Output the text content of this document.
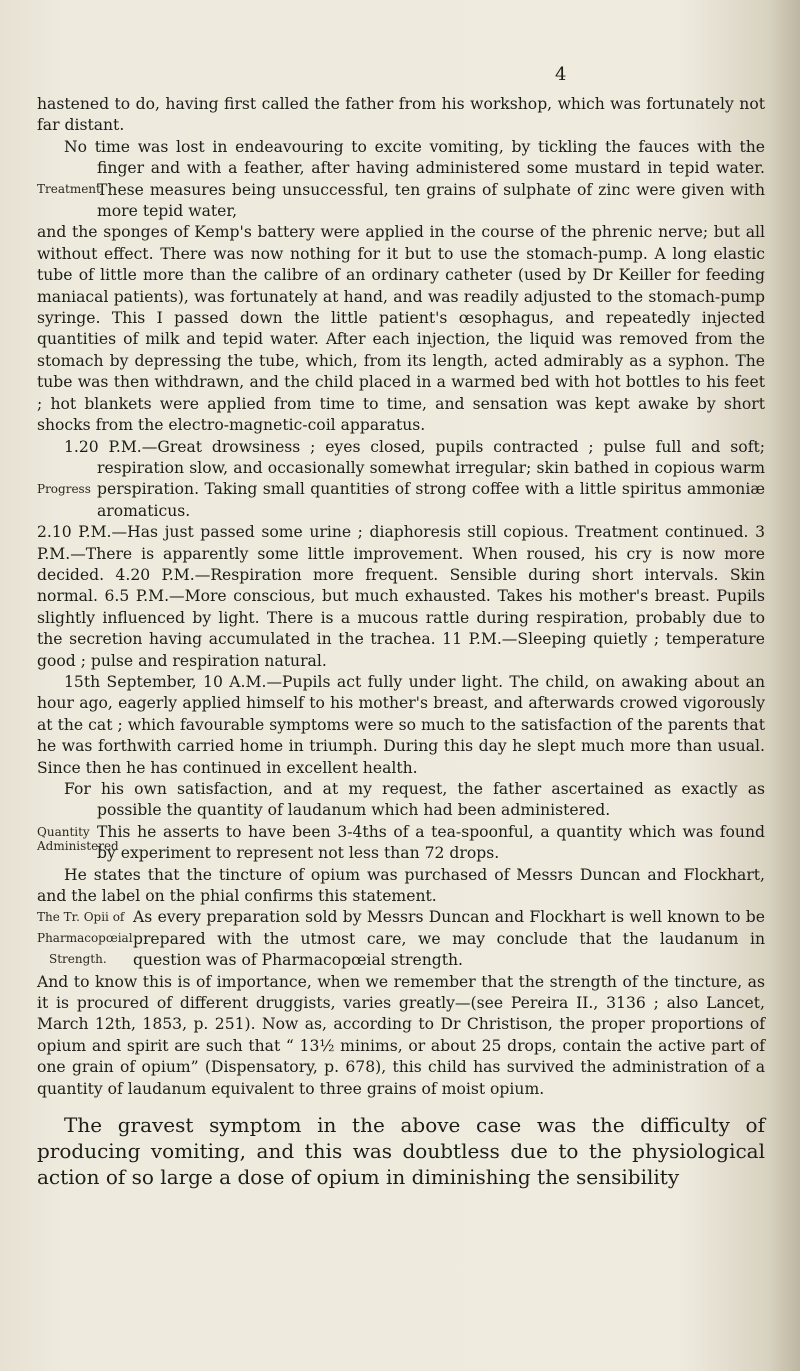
4

hastened to do, having first called the father from his workshop, which was fortunately not far distant.

Treatment

No time was lost in endeavouring to excite vomiting, by tickling the fauces with the finger and with a feather, after having administered some mustard in tepid water. These measures being unsuccessful, ten grains of sulphate of zinc were given with more tepid water,

and the sponges of Kemp's battery were applied in the course of the phrenic nerve; but all without effect. There was now nothing for it but to use the stomach-pump. A long elastic tube of little more than the calibre of an ordinary catheter (used by Dr Keiller for feeding maniacal patients), was fortunately at hand, and was readily adjusted to the stomach-pump syringe. This I passed down the little patient's œsophagus, and repeatedly injected quantities of milk and tepid water. After each injection, the liquid was removed from the stomach by depressing the tube, which, from its length, acted admirably as a syphon. The tube was then withdrawn, and the child placed in a warmed bed with hot bottles to his feet ; hot blankets were applied from time to time, and sensation was kept awake by short shocks from the electro-magnetic-coil apparatus.

Progress

1.20 P.M.—Great drowsiness ; eyes closed, pupils contracted ; pulse full and soft; respiration slow, and occasionally somewhat irregular; skin bathed in copious warm perspiration. Taking small quantities of strong coffee with a little spiritus ammoniæ aromaticus.

2.10 P.M.—Has just passed some urine ; diaphoresis still copious. Treatment continued. 3 P.M.—There is apparently some little improvement. When roused, his cry is now more decided. 4.20 P.M.—Respiration more frequent. Sensible during short intervals. Skin normal. 6.5 P.M.—More conscious, but much exhausted. Takes his mother's breast. Pupils slightly influenced by light. There is a mucous rattle during respiration, probably due to the secretion having accumulated in the trachea. 11 P.M.—Sleeping quietly ; temperature good ; pulse and respiration natural.

15th September, 10 A.M.—Pupils act fully under light. The child, on awaking about an hour ago, eagerly applied himself to his mother's breast, and afterwards crowed vigorously at the cat ; which favourable symptoms were so much to the satisfaction of the parents that he was forthwith carried home in triumph. During this day he slept much more than usual. Since then he has continued in excellent health.

For his own satisfaction, and at my request, the father ascertained as exactly as possible the quantity of laudanum which had been administered.

Quantity
Administered

This he asserts to have been 3-4ths of a tea-spoonful, a quantity which was found by experiment to represent not less than 72 drops.

He states that the tincture of opium was purchased of Messrs Duncan and Flockhart, and the label on the phial confirms this statement.

The Tr. Opii of
Pharmacopœial
Strength.

As every preparation sold by Messrs Duncan and Flockhart is well known to be prepared with the utmost care, we may conclude that the laudanum in question was of Pharmacopœial strength.

And to know this is of importance, when we remember that the strength of the tincture, as it is procured of different druggists, varies greatly—(see Pereira II., 3136 ; also Lancet, March 12th, 1853, p. 251). Now as, according to Dr Christison, the proper proportions of opium and spirit are such that “ 13½ minims, or about 25 drops, contain the active part of one grain of opium” (Dispensatory, p. 678), this child has survived the administration of a quantity of laudanum equivalent to three grains of moist opium.

The gravest symptom in the above case was the difficulty of producing vomiting, and this was doubtless due to the physiological action of so large a dose of opium in diminishing the sensibility
